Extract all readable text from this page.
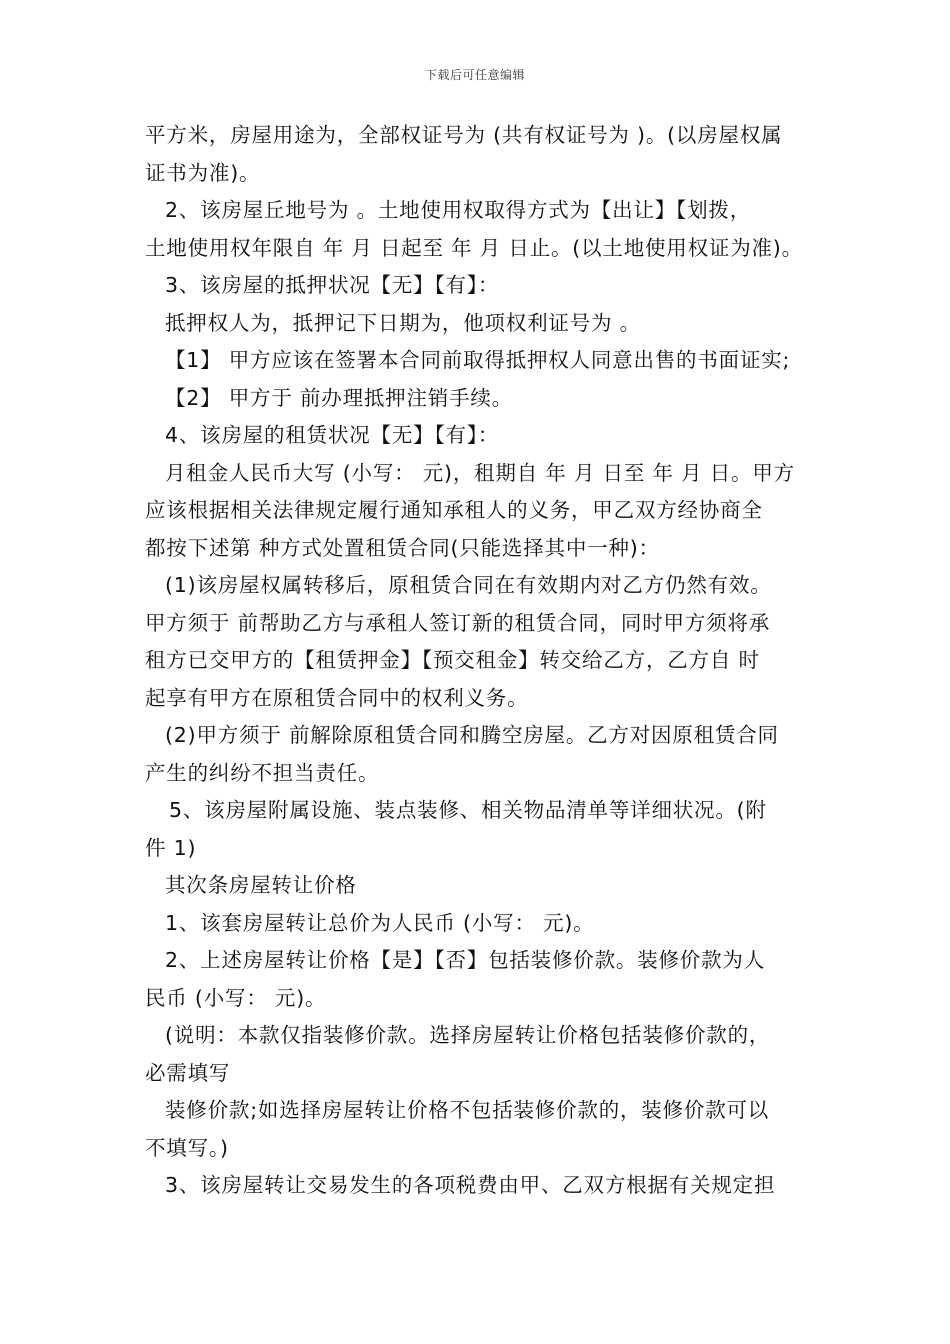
下载后可任意编辑
平方米，房屋用途为，全部权证号为 (共有权证号为 )。(以房屋权属
证书为准)。
2、该房屋丘地号为 。土地使用权取得方式为【出让】【划拨，
土地使用权年限自 年 月 日起至 年 月 日止。(以土地使用权证为准)。
3、该房屋的抵押状况【无】【有】：
抵押权人为，抵押记下日期为，他项权利证号为 。
【1】 甲方应该在签署本合同前取得抵押权人同意出售的书面证实;
【2】 甲方于 前办理抵押注销手续。
4、该房屋的租赁状况【无】【有】：
月租金人民币大写 (小写： 元)，租期自 年 月 日至 年 月 日。甲方
应该根据相关法律规定履行通知承租人的义务，甲乙双方经协商全
都按下述第 种方式处置租赁合同(只能选择其中一种)：
(1)该房屋权属转移后，原租赁合同在有效期内对乙方仍然有效。
甲方须于 前帮助乙方与承租人签订新的租赁合同，同时甲方须将承
租方已交甲方的【租赁押金】【预交租金】转交给乙方，乙方自 时
起享有甲方在原租赁合同中的权利义务。
(2)甲方须于 前解除原租赁合同和腾空房屋。乙方对因原租赁合同
产生的纠纷不担当责任。
5、该房屋附属设施、装点装修、相关物品清单等详细状况。(附
件 1)
其次条房屋转让价格
1、该套房屋转让总价为人民币 (小写： 元)。
2、上述房屋转让价格【是】【否】包括装修价款。装修价款为人
民币 (小写： 元)。
(说明：本款仅指装修价款。选择房屋转让价格包括装修价款的，
必需填写
装修价款;如选择房屋转让价格不包括装修价款的，装修价款可以
不填写。)
3、该房屋转让交易发生的各项税费由甲、乙双方根据有关规定担
